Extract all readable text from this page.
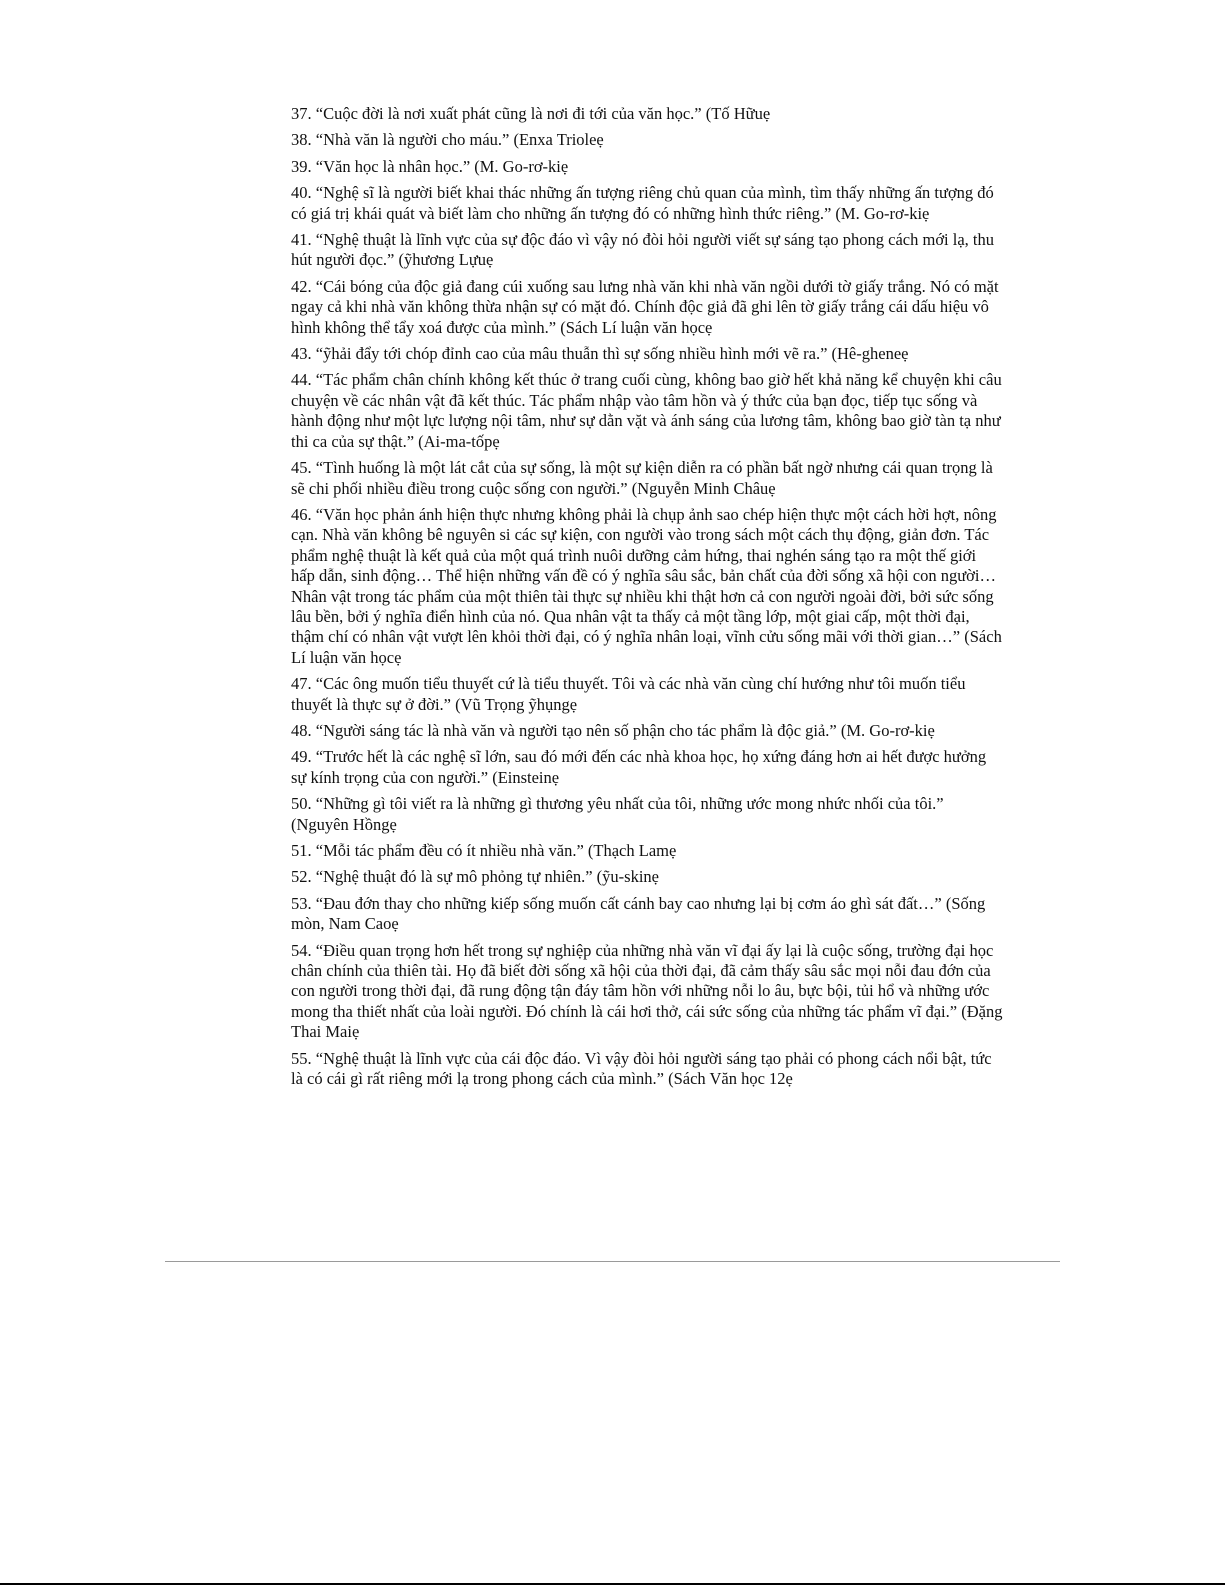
37. “Cuộc đời là nơi xuất phát cũng là nơi đi tới của văn học.” (Tố Hữuẹ
38. “Nhà văn là người cho máu.” (Enxa Trioleẹ
39. “Văn học là nhân học.” (M. Go-rơ-kiẹ
40. “Nghệ sĩ là người biết khai thác những ấn tượng riêng chủ quan của mình, tìm thấy những ấn tượng đó có giá trị khái quát và biết làm cho những ấn tượng đó có những hình thức riêng.” (M. Go-rơ-kiẹ
41. “Nghệ thuật là lĩnh vực của sự độc đáo vì vậy nó đòi hỏi người viết sự sáng tạo phong cách mới lạ, thu hút người đọc.” (ỹhương Lựuẹ
42. “Cái bóng của độc giả đang cúi xuống sau lưng nhà văn khi nhà văn ngồi dưới tờ giấy trắng. Nó có mặt ngay cả khi nhà văn không thừa nhận sự có mặt đó. Chính độc giả đã ghi lên tờ giấy trắng cái dấu hiệu vô hình không thể tẩy xoá được của mình.” (Sách Lí luận văn họcẹ
43. “ỹhải đẩy tới chóp đỉnh cao của mâu thuẫn thì sự sống nhiều hình mới vẽ ra.” (Hê-gheneẹ
44. “Tác phẩm chân chính không kết thúc ở trang cuối cùng, không bao giờ hết khả năng kể chuyện khi câu chuyện về các nhân vật đã kết thúc. Tác phẩm nhập vào tâm hồn và ý thức của bạn đọc, tiếp tục sống và hành động như một lực lượng nội tâm, như sự dằn vặt và ánh sáng của lương tâm, không bao giờ tàn tạ như thi ca của sự thật.” (Ai-ma-tốpẹ
45. “Tình huống là một lát cắt của sự sống, là một sự kiện diễn ra có phần bất ngờ nhưng cái quan trọng là sẽ chi phối nhiều điều trong cuộc sống con người.” (Nguyễn Minh Châuẹ
46. “Văn học phản ánh hiện thực nhưng không phải là chụp ảnh sao chép hiện thực một cách hời hợt, nông cạn. Nhà văn không bê nguyên si các sự kiện, con người vào trong sách một cách thụ động, giản đơn. Tác phẩm nghệ thuật là kết quả của một quá trình nuôi dưỡng cảm hứng, thai nghén sáng tạo ra một thế giới hấp dẫn, sinh động… Thể hiện những vấn đề có ý nghĩa sâu sắc, bản chất của đời sống xã hội con người… Nhân vật trong tác phẩm của một thiên tài thực sự nhiều khi thật hơn cả con người ngoài đời, bởi sức sống lâu bền, bởi ý nghĩa điển hình của nó. Qua nhân vật ta thấy cả một tầng lớp, một giai cấp, một thời đại, thậm chí có nhân vật vượt lên khỏi thời đại, có ý nghĩa nhân loại, vĩnh cửu sống mãi với thời gian…” (Sách Lí luận văn họcẹ
47. “Các ông muốn tiểu thuyết cứ là tiểu thuyết. Tôi và các nhà văn cùng chí hướng như tôi muốn tiểu thuyết là thực sự ở đời.” (Vũ Trọng ỹhụngẹ
48. “Người sáng tác là nhà văn và người tạo nên số phận cho tác phẩm là độc giả.” (M. Go-rơ-kiẹ
49. “Trước hết là các nghệ sĩ lớn, sau đó mới đến các nhà khoa học, họ xứng đáng hơn ai hết được hưởng sự kính trọng của con người.” (Einsteinẹ
50. “Những gì tôi viết ra là những gì thương yêu nhất của tôi, những ước mong nhức nhối của tôi.” (Nguyên Hồngẹ
51. “Mỗi tác phẩm đều có ít nhiều nhà văn.” (Thạch Lamẹ
52. “Nghệ thuật đó là sự mô phỏng tự nhiên.” (ỹu-skinẹ
53. “Đau đớn thay cho những kiếp sống muốn cất cánh bay cao nhưng lại bị cơm áo ghì sát đất…” (Sống mòn, Nam Caoẹ
54. “Điều quan trọng hơn hết trong sự nghiệp của những nhà văn vĩ đại ấy lại là cuộc sống, trường đại học chân chính của thiên tài. Họ đã biết đời sống xã hội của thời đại, đã cảm thấy sâu sắc mọi nỗi đau đớn của con người trong thời đại, đã rung động tận đáy tâm hồn với những nỗi lo âu, bực bội, tủi hổ và những ước mong tha thiết nhất của loài người. Đó chính là cái hơi thở, cái sức sống của những tác phẩm vĩ đại.” (Đặng Thai Maiẹ
55. “Nghệ thuật là lĩnh vực của cái độc đáo. Vì vậy đòi hỏi người sáng tạo phải có phong cách nổi bật, tức là có cái gì rất riêng mới lạ trong phong cách của mình.” (Sách Văn học 12ẹ
